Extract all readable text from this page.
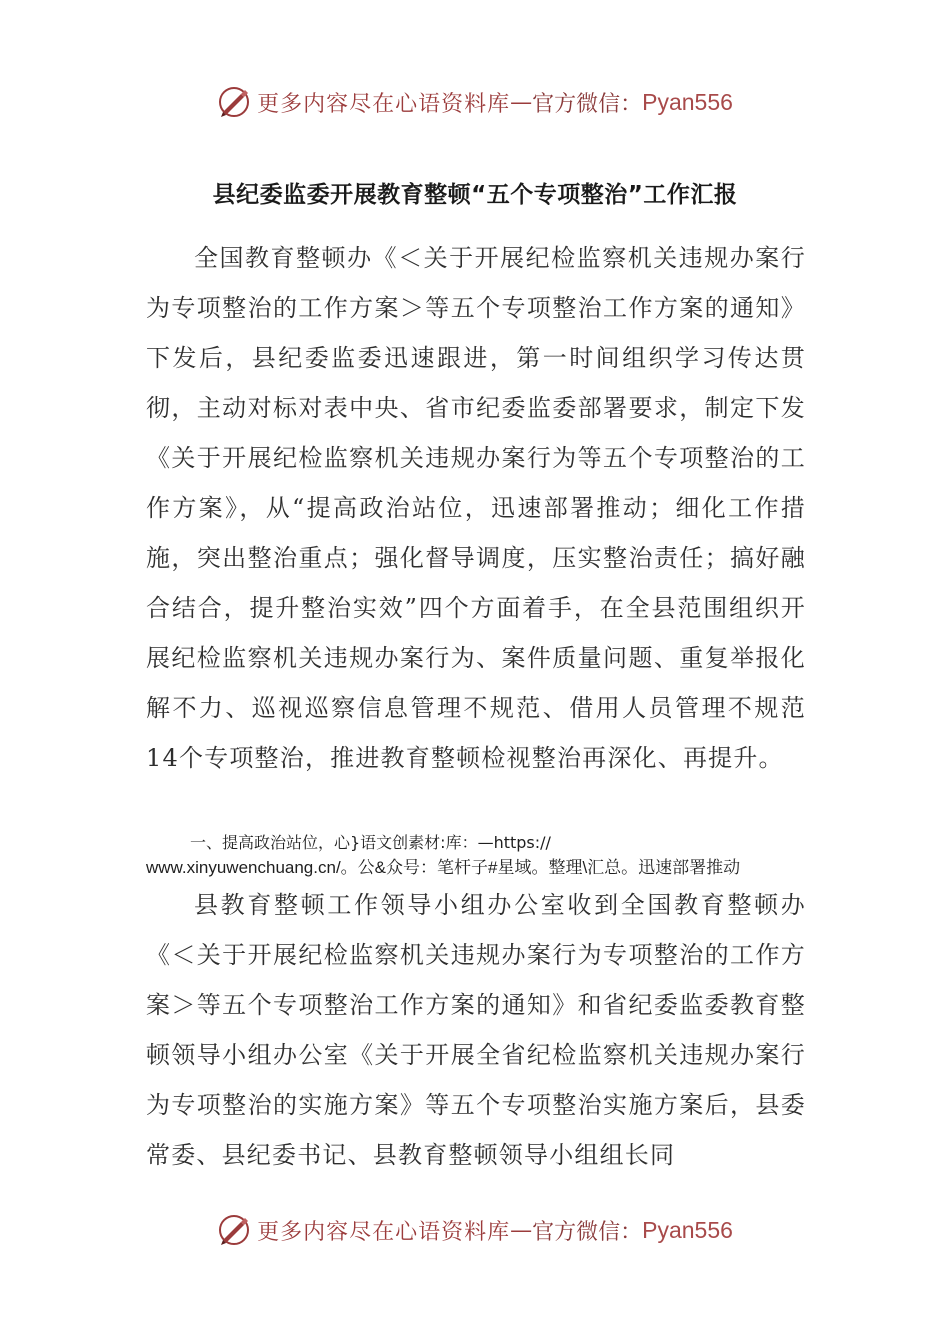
更多内容尽在心语资料库 — 官方微信： Pyan556
县纪委监委开展教育整顿“五个专项整治”工作汇报

全国教育整顿办《＜关于开展纪检监察机关违规办案行为专项整治的工作方案＞等五个专项整治工作方案的通知》下发后，县纪委监委迅速跟进，第一时间组织学习传达贯彻，主动对标对表中央、省市纪委监委部署要求，制定下发《关于开展纪检监察机关违规办案行为等五个专项整治的工作方案》，从“提高政治站位，迅速部署推动；细化工作措施，突出整治重点；强化督导调度，压实整治责任；搞好融合结合，提升整治实效”四个方面着手，在全县范围组织开展纪检监察机关违规办案行为、案件质量问题、重复举报化解不力、巡视巡察信息管理不规范、借用人员管理不规范14个专项整治，推进教育整顿检视整治再深化、再提升。

一、提高政治站位，心}语文创素材:库：—https://
www.xinyuwenchuang.cn/。公&众号：笔杆子#星域。整理\汇总。迅速部署推动

县教育整顿工作领导小组办公室收到全国教育整顿办《＜关于开展纪检监察机关违规办案行为专项整治的工作方案＞等五个专项整治工作方案的通知》和省纪委监委教育整顿领导小组办公室《关于开展全省纪检监察机关违规办案行为专项整治的实施方案》等五个专项整治实施方案后，县委常委、县纪委书记、县教育整顿领导小组组长同

更多内容尽在心语资料库 — 官方微信： Pyan556
